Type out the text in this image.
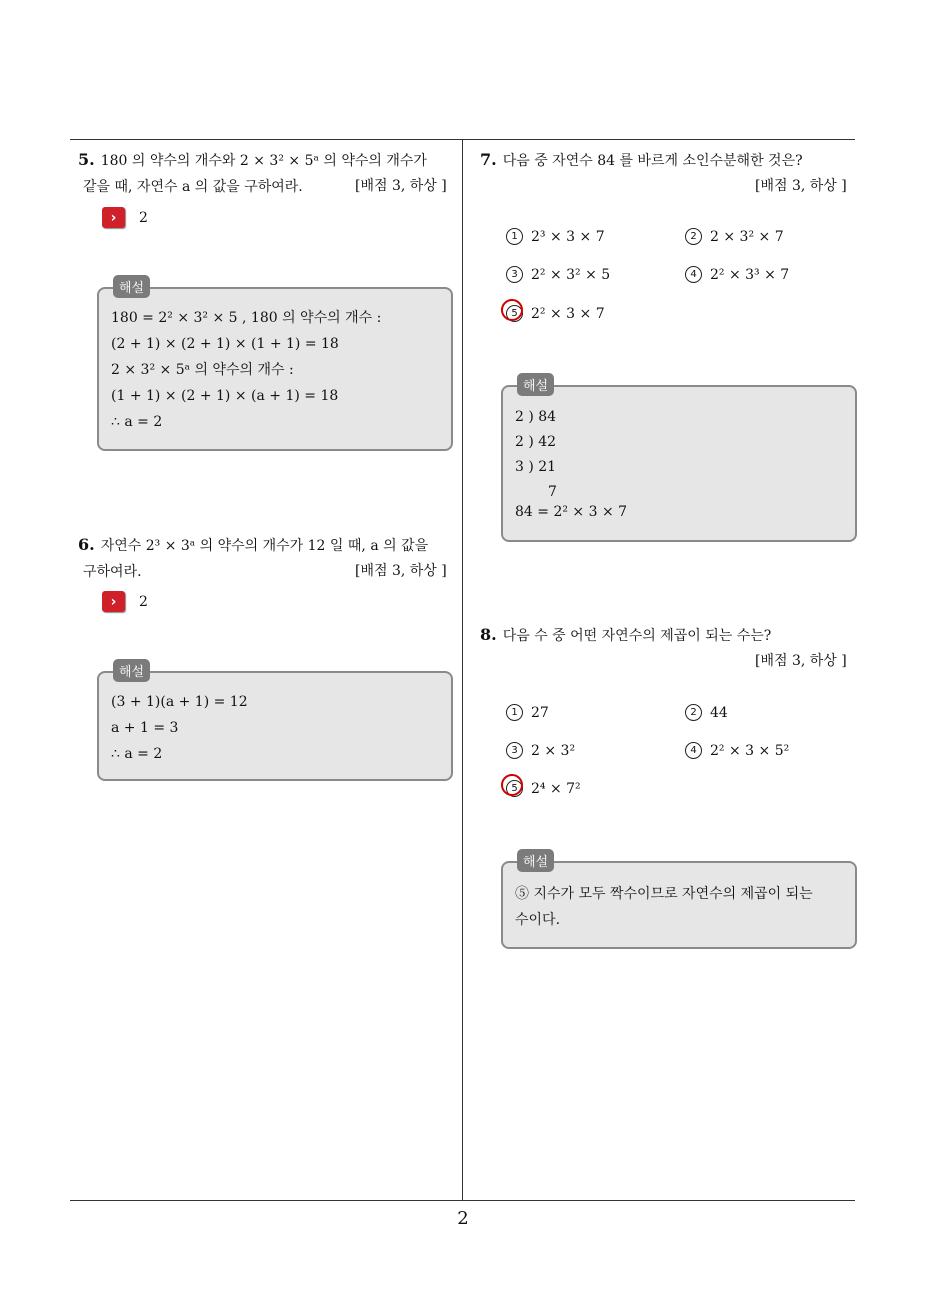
5. 180 의 약수의 개수와 2 × 3² × 5ᵃ 의 약수의 개수가
같을 때, 자연수 a 의 값을 구하여라.	[배점 3, 하상 ]
›	2
해설
180 = 2² × 3² × 5 , 180 의 약수의 개수 :
(2 + 1) × (2 + 1) × (1 + 1) = 18
2 × 3² × 5ᵃ 의 약수의 개수 :
(1 + 1) × (2 + 1) × (a + 1) = 18
∴ a = 2
6. 자연수 2³ × 3ᵃ 의 약수의 개수가 12 일 때, a 의 값을
구하여라.	[배점 3, 하상 ]
›	2
해설
(3 + 1)(a + 1) = 12
a + 1 = 3
∴ a = 2
7. 다음 중 자연수 84 를 바르게 소인수분해한 것은?
[배점 3, 하상 ]
1 2³ × 3 × 7	2 2 × 3² × 7
3 2² × 3² × 5	4 2² × 3³ × 7
5 2² × 3 × 7
해설
2 ) 84
2 ) 42
3 ) 21
7
84 = 2² × 3 × 7
8. 다음 수 중 어떤 자연수의 제곱이 되는 수는?
[배점 3, 하상 ]
1 27	2 44
3 2 × 3²	4 2² × 3 × 5²
5 2⁴ × 7²
해설
⑤ 지수가 모두 짝수이므로 자연수의 제곱이 되는
수이다.
2
